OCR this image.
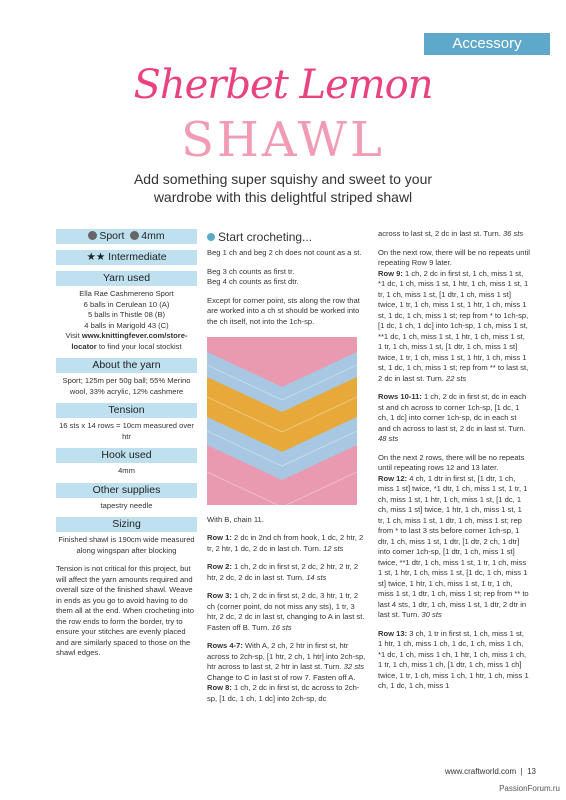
Accessory
Sherbet Lemon
SHAWL
Add something super squishy and sweet to your
wardrobe with this delightful striped shawl
Sport 4mm
★★ Intermediate
Yarn used
Ella Rae Cashmereno Sport
6 balls in Cerulean 10 (A)
5 balls in Thistle 08 (B)
4 balls in Marigold 43 (C)
Visit www.knittingfever.com/store-locator to find your local stockist
About the yarn
Sport; 125m per 50g ball; 55% Merino wool, 33% acrylic, 12% cashmere
Tension
16 sts x 14 rows = 10cm measured over htr
Hook used
4mm
Other supplies
tapestry needle
Sizing
Finished shawl is 190cm wide measured along wingspan after blocking
Tension is not critical for this project, but will affect the yarn amounts required and overall size of the finished shawl. Weave in ends as you go to avoid having to do them all at the end. When crocheting into the row ends to form the border, try to ensure your stitches are evenly placed and are similarly spaced to those on the shawl edges.
Start crocheting...

Beg 1 ch and beg 2 ch does not count as a st.

Beg 3 ch counts as first tr.

Beg 4 ch counts as first dtr.

Except for corner point, sts along the row that are worked into a ch st should be worked into the ch itself, not into the 1ch-sp.

With B, chain 11.

Row 1: 2 dc in 2nd ch from hook, 1 dc, 2 htr, 2 tr, 2 htr, 1 dc, 2 dc in last ch. Turn. 12 sts

Row 2: 1 ch, 2 dc in first st, 2 dc, 2 htr, 2 tr, 2 htr, 2 dc, 2 dc in last st. Turn. 14 sts

Row 3: 1 ch, 2 dc in first st, 2 dc, 3 htr, 1 tr, 2 ch (corner point, do not miss any sts), 1 tr, 3 htr, 2 dc, 2 dc in last st, changing to A in last st. Fasten off B. Turn. 16 sts

Rows 4-7: With A, 2 ch, 2 htr in first st, htr across to 2ch-sp, [1 htr, 2 ch, 1 htr] into 2ch-sp, htr across to last st, 2 htr in last st. Turn. 32 sts
Change to C in last st of row 7. Fasten off A.
Row 8: 1 ch, 2 dc in first st, dc across to 2ch-sp, [1 dc, 1 ch, 1 dc] into 2ch-sp, dc

across to last st, 2 dc in last st. Turn. 36 sts

On the next row, there will be no repeats until repeating Row 9 later.

Row 9: 1 ch, 2 dc in first st, 1 ch, miss 1 st, *1 dc, 1 ch, miss 1 st, 1 htr, 1 ch, miss 1 st, 1 tr, 1 ch, miss 1 st, [1 dtr, 1 ch, miss 1 st] twice, 1 tr, 1 ch, miss 1 st, 1 htr, 1 ch, miss 1 st, 1 dc, 1 ch, miss 1 st; rep from * to 1ch-sp, [1 dc, 1 ch, 1 dc] into 1ch-sp, 1 ch, miss 1 st, **1 dc, 1 ch, miss 1 st, 1 htr, 1 ch, miss 1 st, 1 tr, 1 ch, miss 1 st, [1 dtr, 1 ch, miss 1 st] twice, 1 tr, 1 ch, miss 1 st, 1 htr, 1 ch, miss 1 st, 1 dc, 1 ch, miss 1 st; rep from ** to last st, 2 dc in last st. Turn. 22 sts

Rows 10-11: 1 ch, 2 dc in first st, dc in each st and ch across to corner 1ch-sp, [1 dc, 1 ch, 1 dc] into corner 1ch-sp, dc in each st and ch across to last st, 2 dc in last st. Turn. 48 sts

On the next 2 rows, there will be no repeats until repeating rows 12 and 13 later.

Row 12: 4 ch, 1 dtr in first st, [1 dtr, 1 ch, miss 1 st] twice, *1 dtr, 1 ch, miss 1 st, 1 tr, 1 ch, miss 1 st, 1 htr, 1 ch, miss 1 st, [1 dc, 1 ch, miss 1 st] twice, 1 htr, 1 ch, miss 1 st, 1 tr, 1 ch, miss 1 st, 1 dtr, 1 ch, miss 1 st; rep from * to last 3 sts before corner 1ch-sp, 1 dtr, 1 ch, miss 1 st, 1 dtr, [1 dtr, 2 ch, 1 dtr] into corner 1ch-sp, [1 dtr, 1 ch, miss 1 st] twice, **1 dtr, 1 ch, miss 1 st, 1 tr, 1 ch, miss 1 st, 1 htr, 1 ch, miss 1 st, [1 dc, 1 ch, miss 1 st] twice, 1 htr, 1 ch, miss 1 st, 1 tr, 1 ch, miss 1 st, 1 dtr, 1 ch, miss 1 st; rep from ** to last 4 sts, 1 dtr, 1 ch, miss 1 st, 1 dtr, 2 dtr in last st. Turn. 30 sts

Row 13: 3 ch, 1 tr in first st, 1 ch, miss 1 st, 1 htr, 1 ch, miss 1 ch, 1 dc, 1 ch, miss 1 ch, *1 dc, 1 ch, miss 1 ch, 1 htr, 1 ch, miss 1 ch, 1 tr, 1 ch, miss 1 ch, [1 dtr, 1 ch, miss 1 ch] twice, 1 tr, 1 ch, miss 1 ch, 1 htr, 1 ch, miss 1 ch, 1 dc, 1 ch, miss 1
www.craftworld.com  |  13
PassionForum.ru
